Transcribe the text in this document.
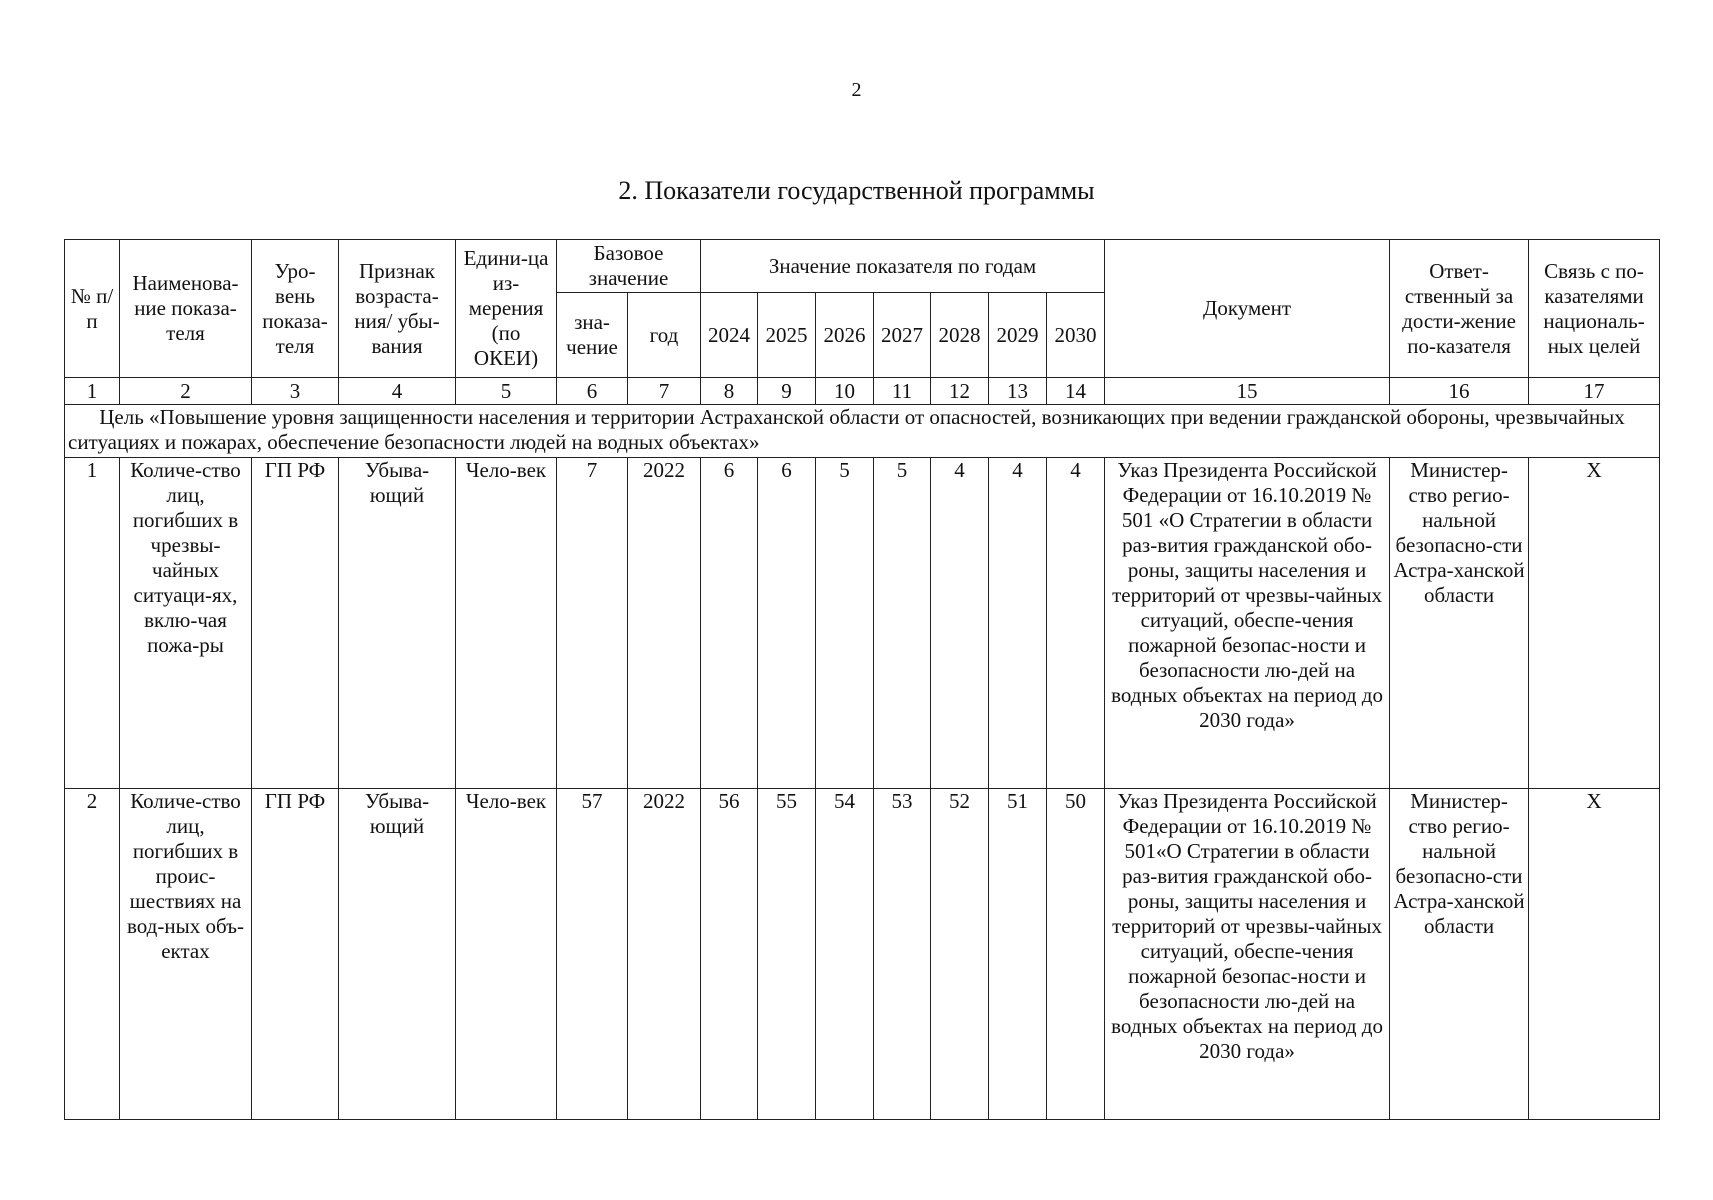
2
2. Показатели государственной программы
№ п/п	Наименова-ние показа-теля	Уро-вень показа-теля	Признак возраста-ния/ убы-вания	Едини-ца из-мерения (по ОКЕИ)	Базовое значение		Значение показателя по годам							Документ	Ответ-ственный за дости-жение по-казателя	Связь с по-казателями националь-ных целей
					зна-чение	год	2024	2025	2026	2027	2028	2029	2030			
1	2	3	4	5	6	7	8	9	10	11	12	13	14	15	16	17
Цель «Повышение уровня защищенности населения и территории Астраханской области от опасностей, возникающих при ведении гражданской обороны, чрезвычайных ситуациях и пожарах, обеспечение безопасности людей на водных объектах»																
1	Количе-ство лиц, погибших в чрезвы-чайных ситуаци-ях, вклю-чая пожа-ры	ГП РФ	Убыва-ющий	Чело-век	7	2022	6	6	5	5	4	4	4	Указ Президента Российской Федерации от 16.10.2019 № 501 «О Стратегии в области раз-вития гражданской обо-роны, защиты населения и территорий от чрезвы-чайных ситуаций, обеспе-чения пожарной безопас-ности и безопасности лю-дей на водных объектах на период до 2030 года»	Министер-ство регио-нальной безопасно-сти Астра-ханской области	X
2	Количе-ство лиц, погибших в проис-шествиях на вод-ных объ-ектах	ГП РФ	Убыва-ющий	Чело-век	57	2022	56	55	54	53	52	51	50	Указ Президента Российской Федерации от 16.10.2019 № 501«О Стратегии в области раз-вития гражданской обо-роны, защиты населения и территорий от чрезвы-чайных ситуаций, обеспе-чения пожарной безопас-ности и безопасности лю-дей на водных объектах на период до 2030 года»	Министер-ство регио-нальной безопасно-сти Астра-ханской области	X
